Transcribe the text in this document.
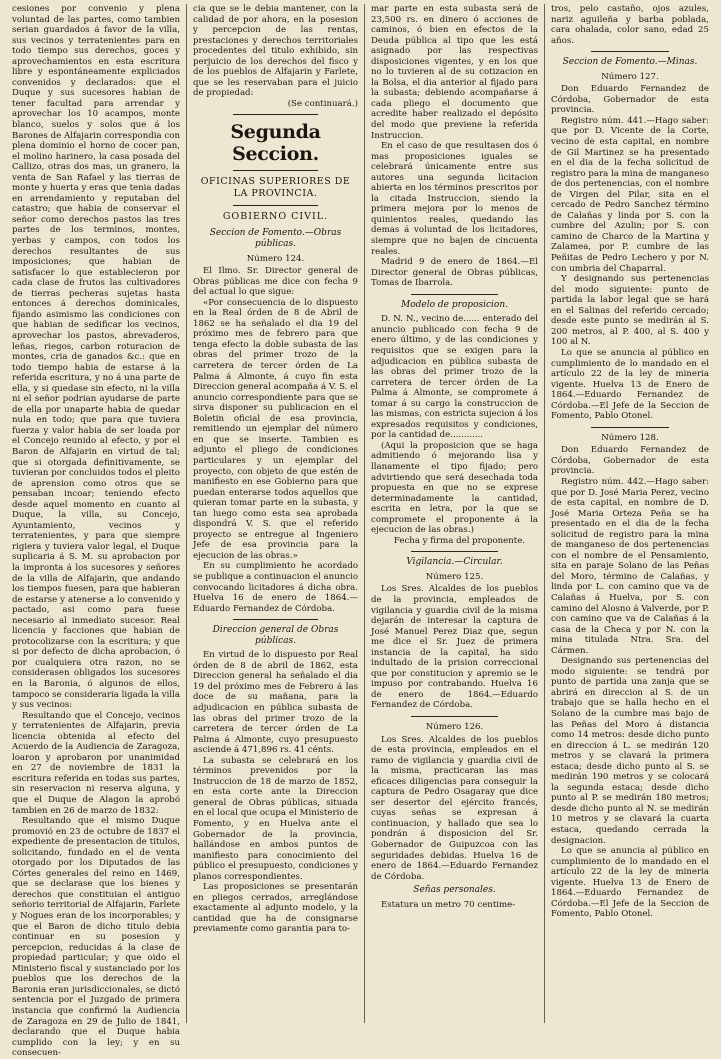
cesiones por convenio y plena voluntad de las partes, como tambien serian guardados á favor de la villa, sus vecinos y terratenientes para en todo tiempo sus derechos, goces y aprovechamientos en esta escritura libre y espontáneamente expliciados convenidos y declarados: que el Duque y sus sucesores habian de tener facultad para arrendar y aprovechar los 10 acampos, monte blanco, suelos y solos que á los Barones de Alfajarin correspondia con plena dominio el horno de cocer pan, el molino harinero, la casa posada del Callizo, otras dos mas, un granero, la venta de San Rafael y las tierras de monte y huerta y eras que tenia dadas en arrendamiento y reputaban del catastro; que habia de conservar el señor como derechos pastos las tres partes de los terminos, montes, yerbas y campos, con todos los derechos resultantes de sus imposiciones; que habian de satisfacer lo que establecieron por cada clase de frutos las cultivadores de tierras pecheras sujetas hasta entonces á derechos dominicales, fijando asimismo las condiciones con que habian de sedificar los vecinos, aprovechar los pastos, abrevaderos, leñas, riegos, carbon roturacion de montes, cria de ganados &c.: que en todo tiempo habia de estarse á la referida escritura, y no á una parte de ella, y si quedase sin efecto, ni la villa ni el señor podrian ayudarse de parte de ella por unaparte habia de quedar nula en todo; que para que tuviera fuerza y valor habia de ser loada por el Concejo reunido al efecto, y por el Baron de Alfajarin en virtud de tal; que si otorgada definitivamente, se tuvieran por concluidos todos el pleito de aprension como otros que se pensaban incoar; teniendo efecto desde aquel momento en cuanto al Duque, la villa, su Concejo, Ayuntamiento, vecinos y terratenientes, y para que siempre rigiera y tuviera valor legal, el Duque suplicaria á S. M. su aprobacion por la impronta á los sucesores y señores de la villa de Alfajarin, que andando los tiempos fuesen, para que habieran de estarse y atenerse a lo convenido y pactado, asi como para fuese necesario al inmediato sucesor. Real licencia y facciones que habian de protocolizarse con la escritura; y que si por defecto de dicha aprobacion, ó por cualquiera otra razon, no se considerasen obligados los sucesores en la Baronia, ó algunos de ellos, tampoco se consideraria ligada la villa y sus vecinos:

Resultando que el Concejo, vecinos y terratenientes de Alfajarin, previa licencia obtenida al efecto del Acuerdo de la Audiencia de Zaragoza, loaron y aprobaron por unanimidad en 27 de noviembre de 1831 la escritura referida en todas sus partes, sin reservacion ni reserva alguna, y que el Duque de Alagon la aprobó tambien en 26 de marzo de 1832:

Resultando que el mismo Duque promovió en 23 de octubre de 1837 el expediente de presentacion de titulos, solicitando, fundado en el de venta otorgado por los Diputados de las Córtes generales del reino en 1469, que se declarase que los bienes y derechos que constituian el antiguo señorio territorial de Alfajarin, Farlete y Nogues eran de los incorporables; y que el Baron de dicho titulo debia continuar en su posesion y percepcion, reducidas á la clase de propiedad particular; y que oido el Ministerio fiscal y sustanciado por los pueblos que los derechos de la Baronia eran jurisdiccionales, se dictó sentencia por el Juzgado de primera instancia que confirmó la Audiencia de Zaragoza en 29 de Julio de 1841, declarando que el Duque habia cumplido con la ley; y en su consecuen-

cia que se le debia mantener, con la calidad de por ahora, en la posesion y percepcion de las rentas, prestaciones y derechos territoriales procedentes del titulo exhibido, sin perjuicio de los derechos del fisco y de los pueblos de Alfajarin y Farlete, que se les reservaban para el juicio de propiedad:

(Se continuará.)
Segunda Seccion.
OFICINAS SUPERIORES DE LA PROVINCIA.
GOBIERNO CIVIL.
Seccion de Fomento.—Obras públicas.
Número 124.

El Ilmo. Sr. Director general de Obras públicas me dice con fecha 9 del actual lo que sigue:

«Por consecuencia de lo dispuesto en la Real órden de 8 de Abril de 1862 se ha señalado el dia 19 del próximo mes de febrero para que tenga efecto la doble subasta de las obras del primer trozo de la carretera de tercer órden de La Palma á Almonte, á cuyo fin esta Direccion general acompaña á V. S. el anuncio correspondiente para que se sirva disponer su publicacion en el Boletin oficial de esa provincia, remitiendo un ejemplar del número en que se inserte. Tambien es adjunto el pliego de condiciones particulares y un ejemplar del proyecto, con objeto de que estén de manifiesto en ese Gobierno para que puedan enterarse todos aquellos que quieran tomar parte en la subasta, y tan luego como esta sea aprobada dispondrá V. S. que el referido proyecto se entregue al Ingeniero Jefe de esa provincia para la ejecucion de las obras.»

En su cumplimiento he acordado se publique a continuacion el anuncio convocando licitadores á dicha obra. Huelva 16 de enero de 1864.—Eduardo Fernandez de Córdoba.

Direccion general de Obras públicas.

En virtud de lo dispuesto por Real órden de 8 de abril de 1862, esta Direccion general ha señalado el dia 19 del próximo mes de Febrero á las doce de su mañana, para la adjudicacion en pública subasta de las obras del primer trozo de la carretera de tercer órden de La Palma á Almonte, cuyo presupuesto asciende á 471,896 rs. 41 cénts.

La subasta se celebrará en los términos prevenidos por la Instruccion de 18 de marzo de 1852, en esta corte ante la Direccion general de Obras públicas, situada en el local que ocupa el Ministerio de Fomento, y en Huelva ante el Gobernador de la provincia, hallándose en ambos puntos de manifiesto para conocimiento del público el presupuesto, condiciones y planos correspondientes.

Las proposiciones se presentarán en pliegos cerrados, arreglándose exactamente al adjunto modelo, y la cantidad que ha de consignarse previamente como garantia para to-

mar parte en esta subasta será de 23,500 rs. en dinero ó acciones de caminos, ó bien en efectos de la Deuda pública al tipo que les está asignado por las respectivas disposiciones vigentes, y en los que no lo tuvieren al de su cotizacion en la Bolsa, el dia anterior al fijado para la subasta; debiendo acompañarse á cada pliego el documento que acredite haber realizado el depósito del modo que previene la referida Instruccion.

En el caso de que resultasen dos ó mas proposiciones iguales se celebrará únicamente entre sus autores una segunda licitacion abierta en los términos prescritos por la citada Instruccion, siendo la primera mejora por lo menos de quinientos reales, quedando las demas á voluntad de los licitadores, siempre que no bajen de cincuenta reales.

Madrid 9 de enero de 1864.—El Director general de Obras públicas, Tomas de Ibarrola.

Modelo de proposicion.

D. N. N., vecino de...... enterado del anuncio publicado con fecha 9 de enero último, y de las condiciones y requisitos que se exigen para la adjudicacion en pública subasta de las obras del primer trozo de la carretera de tercer órden de La Palma á Almonte, se compromete á tomar á su cargo la construccion de las mismas, con estricta sujecion á los expresados requisitos y condiciones, por la cantidad de............

(Aqui la proposicion que se haga admitiendo ó mejorando lisa y llanamente el tipo fijado; pero advirtiendo que será desechada toda propuesta en que no se exprese determinadamente la cantidad, escrita en letra, por la que se compromete el proponente á la ejecucion de las obras.)

Fecha y firma del proponente.

Vigilancia.—Circular.
Número 125.

Los Sres. Alcaldes de los pueblos de la provincia, empleados de vigilancia y guardia civil de la misma dejarán de interesar la captura de José Manuel Perez Diaz que, segun me dice el Sr. Juez de primera instancia de la capital, ha sido indultado de la prision correccional que por constitucion y apremio se le impuso por contrabando. Huelva 16 de enero de 1864.—Eduardo Fernandez de Córdoba.

Número 126.

Los Sres. Alcaldes de los pueblos de esta provincia, empleados en el ramo de vigilancia y guardia civil de la misma, practicaran las mas eficaces diligencias para conseguir la captura de Pedro Osagaray que dice ser desertor del ejército francés, cuyas señas se expresan á continuacion, y hallado que sea lo pondrán á disposicion del Sr. Gobernador de Guipuzcoa con las seguridades debidas. Huelva 16 de enero de 1864.—Eduardo Fernandez de Córdoba.

Señas personales.

Estatura un metro 70 centime-

tros, pelo castaño, ojos azules, nariz aguileña y barba poblada, cara ohalada, color sano, edad 25 años.

Seccion de Fomento.—Minas.
Número 127.

Don Eduardo Fernandez de Córdoba, Gobernador de esta provincia.

Registro núm. 441.—Hago saber: que por D. Vicente de la Corte, vecino de esta capital, en nombre de Gil Martinez se ha presentado en el dia de la fecha solicitud de registro para la mina de manganeso de dos pertenencias, con el nombre de Virgen del Pilar, sita en el cercado de Pedro Sanchez término de Calañas y linda por S. con la cumbre del Azulin; por S. con camino de Charco de la Martina y Zalamea, por P. cumbre de las Peñitas de Pedro Lechero y por N. con umbria del Chaparral.

Y designando sus pertenencias del modo siguiente: punto de partida la labor legal que se hará en el Salinas del referido cercado; desde este punto se medirán al S. 200 metros, al P. 400, al S. 400 y 100 al N.

Lo que se anuncia al público en cumplimiento de lo mandado en el artículo 22 de la ley de mineria vigente. Huelva 13 de Enero de 1864.—Eduardo Fernandez de Córdoba.—El Jefe de la Seccion de Fomento, Pablo Otonel.

Número 128.

Don Eduardo Fernandez de Córdoba, Gobernador de esta provincia.

Registro núm. 442.—Hago saber: que por D. José Maria Perez, vecino de esta capital, en nombre de D. José Maria Orteza Peña se ha presentado en el dia de la fecha solicitud de registro para la mina de manganeso de dos pertenencias con el nombre de el Pensamiento, sita en paraje Solano de las Peñas del Moro, término de Calañas, y linda por L. con camino que va de Calañas á Huelva, por S. con camino del Alosno á Valverde, por P. con camino que va de Calañas á la casa de la Checa y por N. con la mina titulada Ntra. Sra. del Cármen.

Designando sus pertenencias del modo siguiente: se tendrá por punto de partida una zanja que se abrirá en direccion al S. de un trabajo que se halla hecho en el Solano de la cumbre mas bajo de las Peñas del Moro á distancia como 14 metros: desde dicho punto en direccion á L. se medirán 120 metros y se clavará la primera estaca; desde dicho punto al S. se medirán 190 metros y se colocará la segunda estaca; desde dicho punto al P. se medirán 180 metros; desde dicho punto al N. se medirán 10 metros y se clavará la cuarta estaca, quedando cerrada la designacion.

Lo que se anuncia al público en cumplimiento de lo mandado en el artículo 22 de la ley de mineria vigente. Huelva 13 de Enero de 1864.—Eduardo Fernandez de Córdoba.—El Jefe de la Seccion de Fomento, Pablo Otonel.
